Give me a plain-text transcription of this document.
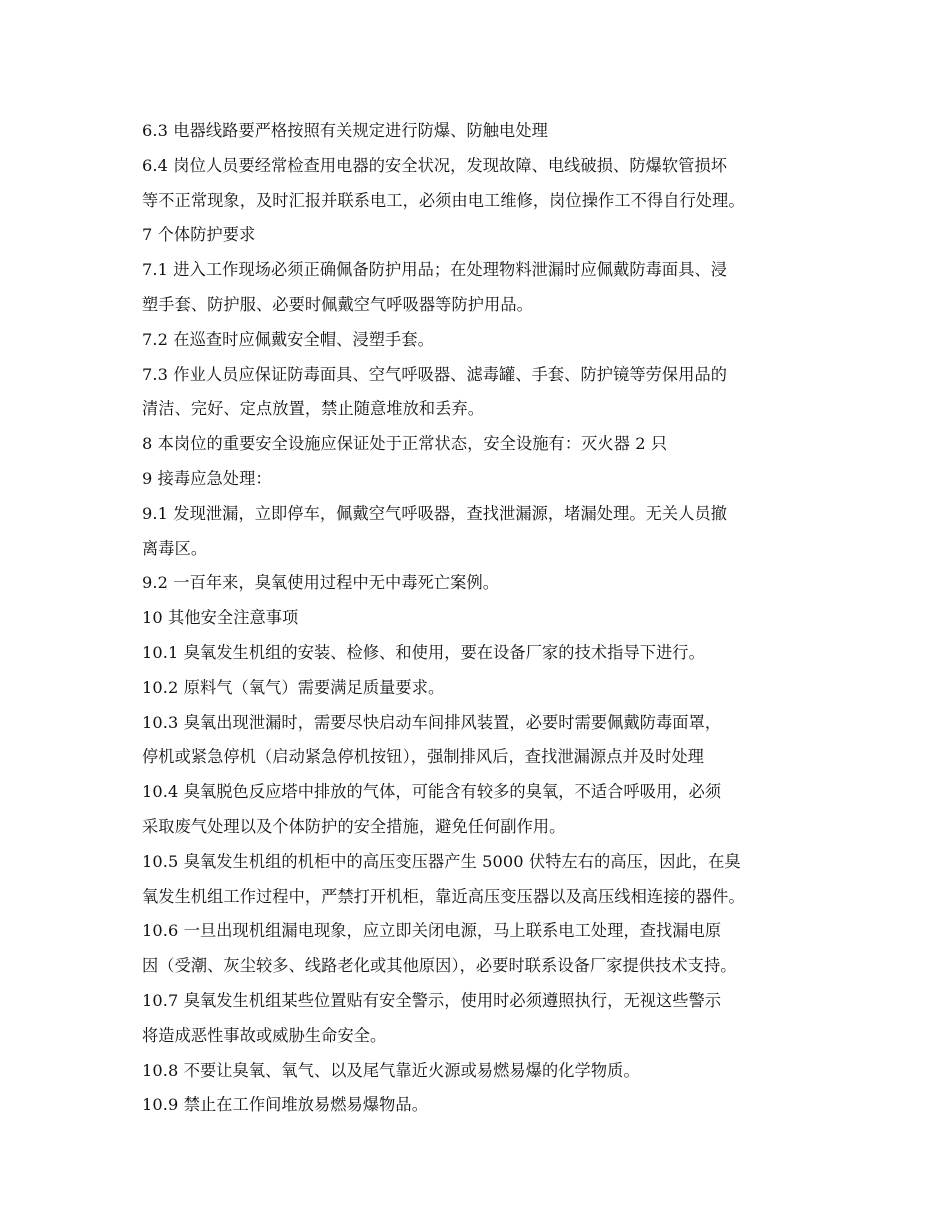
6.3 电器线路要严格按照有关规定进行防爆、防触电处理
6.4 岗位人员要经常检查用电器的安全状况，发现故障、电线破损、防爆软管损坏
等不正常现象，及时汇报并联系电工，必须由电工维修，岗位操作工不得自行处理。
7 个体防护要求
7.1 进入工作现场必须正确佩备防护用品；在处理物料泄漏时应佩戴防毒面具、浸
塑手套、防护服、必要时佩戴空气呼吸器等防护用品。
7.2 在巡查时应佩戴安全帽、浸塑手套。
7.3 作业人员应保证防毒面具、空气呼吸器、滤毒罐、手套、防护镜等劳保用品的
清洁、完好、定点放置，禁止随意堆放和丢弃。
8 本岗位的重要安全设施应保证处于正常状态，安全设施有：灭火器 2 只
9 接毒应急处理：
9.1 发现泄漏，立即停车，佩戴空气呼吸器，查找泄漏源，堵漏处理。无关人员撤
离毒区。
9.2 一百年来，臭氧使用过程中无中毒死亡案例。
10 其他安全注意事项
10.1 臭氧发生机组的安装、检修、和使用，要在设备厂家的技术指导下进行。
10.2 原料气（氧气）需要满足质量要求。
10.3 臭氧出现泄漏时，需要尽快启动车间排风装置，必要时需要佩戴防毒面罩，
停机或紧急停机（启动紧急停机按钮），强制排风后，查找泄漏源点并及时处理
10.4 臭氧脱色反应塔中排放的气体，可能含有较多的臭氧，不适合呼吸用，必须
采取废气处理以及个体防护的安全措施，避免任何副作用。
10.5 臭氧发生机组的机柜中的高压变压器产生 5000 伏特左右的高压，因此，在臭
氧发生机组工作过程中，严禁打开机柜，靠近高压变压器以及高压线相连接的器件。
10.6 一旦出现机组漏电现象，应立即关闭电源，马上联系电工处理，查找漏电原
因（受潮、灰尘较多、线路老化或其他原因），必要时联系设备厂家提供技术支持。
10.7 臭氧发生机组某些位置贴有安全警示，使用时必须遵照执行，无视这些警示
将造成恶性事故或威胁生命安全。
10.8 不要让臭氧、氧气、以及尾气靠近火源或易燃易爆的化学物质。
10.9 禁止在工作间堆放易燃易爆物品。
